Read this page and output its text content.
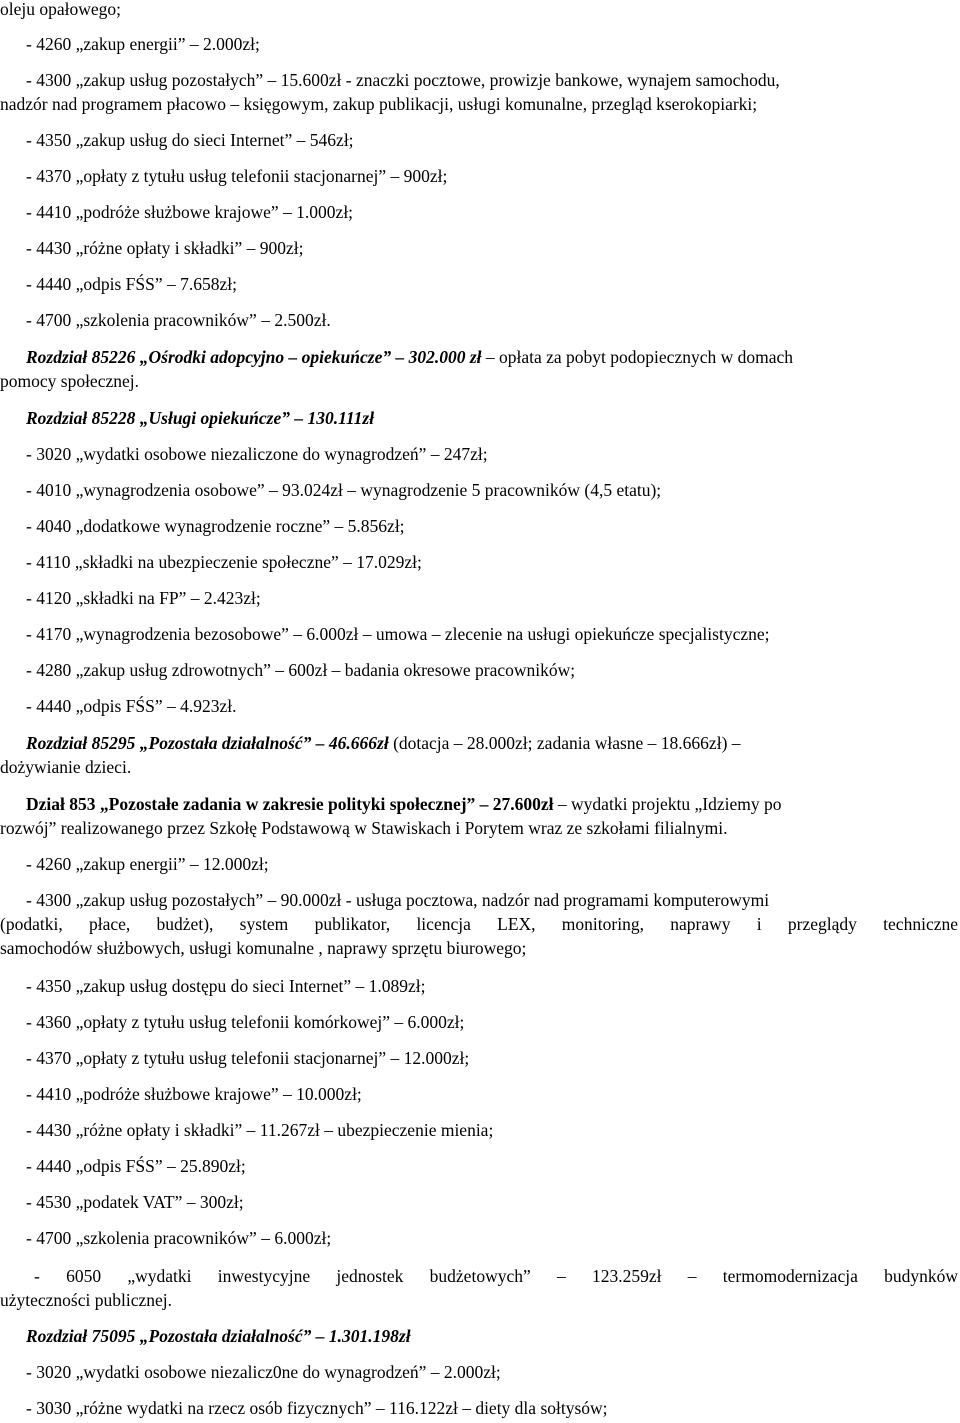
oleju opałowego;
- 4260 „zakup energii” – 2.000zł;
- 4300 „zakup usług pozostałych” – 15.600zł - znaczki pocztowe, prowizje bankowe, wynajem samochodu,
nadzór nad programem płacowo – księgowym, zakup publikacji, usługi komunalne, przegląd kserokopiarki;
- 4350 „zakup usług do sieci Internet” – 546zł;
- 4370 „opłaty z tytułu usług telefonii stacjonarnej” – 900zł;
- 4410 „podróże służbowe krajowe” – 1.000zł;
- 4430 „różne opłaty i składki” – 900zł;
- 4440 „odpis FŚS” – 7.658zł;
- 4700 „szkolenia pracowników” – 2.500zł.
Rozdział 85226 „Ośrodki adopcyjno – opiekuńcze” – 302.000 zł – opłata za pobyt podopiecznych w domach
pomocy społecznej.
Rozdział 85228 „Usługi opiekuńcze” – 130.111zł
- 3020 „wydatki osobowe niezaliczone do wynagrodzeń” – 247zł;
- 4010 „wynagrodzenia osobowe” – 93.024zł – wynagrodzenie 5 pracowników (4,5 etatu);
- 4040 „dodatkowe wynagrodzenie roczne” – 5.856zł;
- 4110 „składki na ubezpieczenie społeczne” – 17.029zł;
- 4120 „składki na FP” – 2.423zł;
- 4170 „wynagrodzenia bezosobowe” – 6.000zł – umowa – zlecenie na usługi opiekuńcze specjalistyczne;
- 4280 „zakup usług zdrowotnych” – 600zł – badania okresowe pracowników;
- 4440 „odpis FŚS” – 4.923zł.
Rozdział 85295 „Pozostała działalność” – 46.666zł (dotacja – 28.000zł; zadania własne – 18.666zł) –
dożywianie dzieci.
Dział 853 „Pozostałe zadania w zakresie polityki społecznej” – 27.600zł – wydatki projektu „Idziemy po
rozwój” realizowanego przez Szkołę Podstawową w Stawiskach i Porytem wraz ze szkołami filialnymi.
- 4260 „zakup energii” – 12.000zł;
- 4300 „zakup usług pozostałych” – 90.000zł - usługa pocztowa, nadzór nad programami komputerowymi
(podatki, płace, budżet), system publikator, licencja LEX, monitoring, naprawy i przeglądy techniczne
samochodów służbowych, usługi komunalne , naprawy sprzętu biurowego;
- 4350 „zakup usług dostępu do sieci Internet” – 1.089zł;
- 4360 „opłaty z tytułu usług telefonii komórkowej” – 6.000zł;
- 4370 „opłaty z tytułu usług telefonii stacjonarnej” – 12.000zł;
- 4410 „podróże służbowe krajowe” – 10.000zł;
- 4430 „różne opłaty i składki” – 11.267zł – ubezpieczenie mienia;
- 4440 „odpis FŚS” – 25.890zł;
- 4530 „podatek VAT” – 300zł;
- 4700 „szkolenia pracowników” – 6.000zł;
- 6050 „wydatki inwestycyjne jednostek budżetowych” – 123.259zł – termomodernizacja budynków
użyteczności publicznej.
Rozdział 75095 „Pozostała działalność” – 1.301.198zł
- 3020 „wydatki osobowe niezalicz0ne do wynagrodzeń” – 2.000zł;
- 3030 „różne wydatki na rzecz osób fizycznych” – 116.122zł – diety dla sołtysów;
